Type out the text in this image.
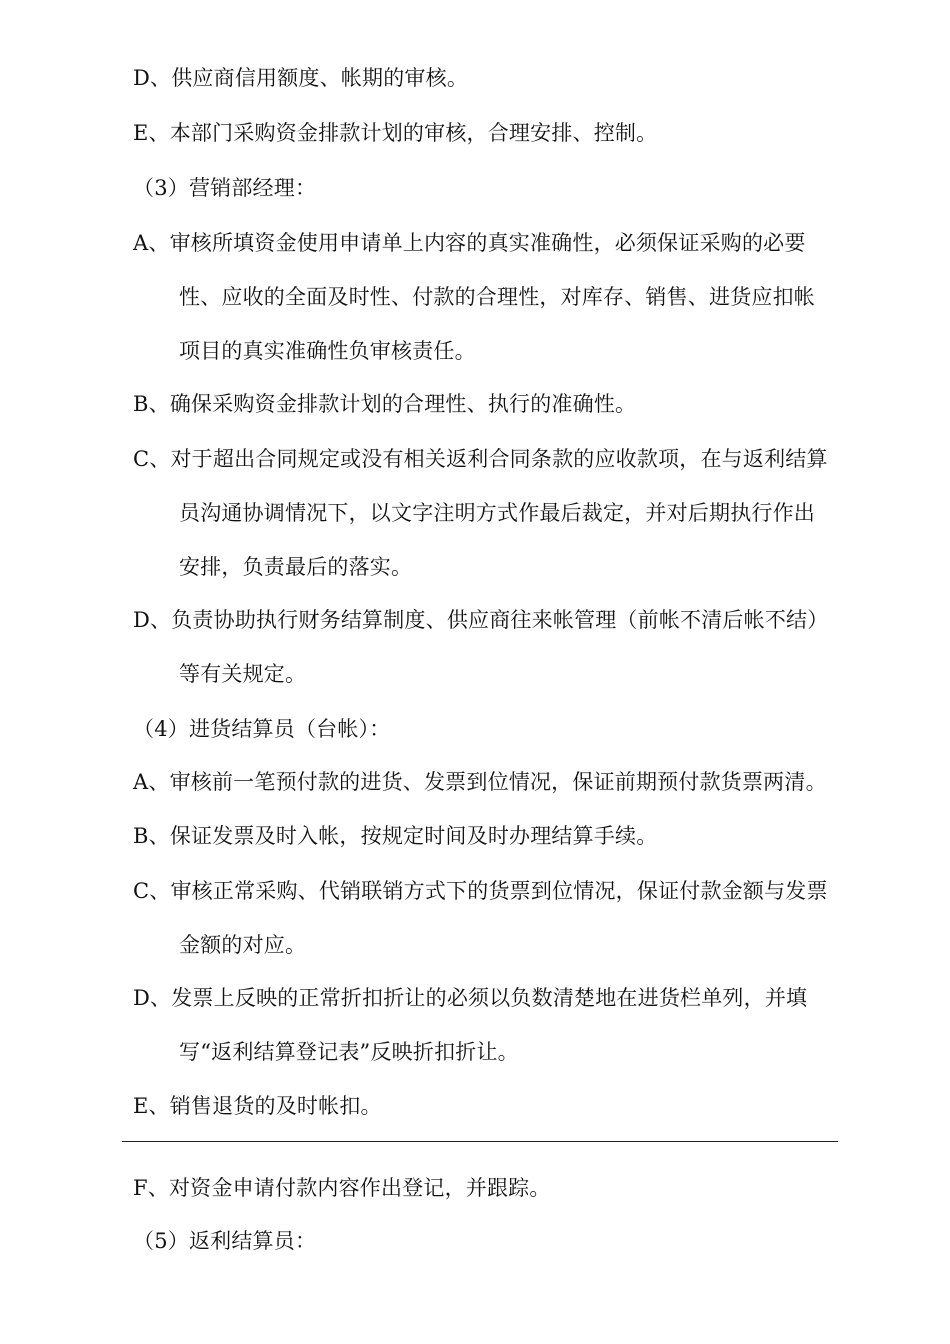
D、供应商信用额度、帐期的审核。
E、本部门采购资金排款计划的审核，合理安排、控制。
（3）营销部经理：
A、审核所填资金使用申请单上内容的真实准确性，必须保证采购的必要
性、应收的全面及时性、付款的合理性，对库存、销售、进货应扣帐
项目的真实准确性负审核责任。
B、确保采购资金排款计划的合理性、执行的准确性。
C、对于超出合同规定或没有相关返利合同条款的应收款项，在与返利结算
员沟通协调情况下，以文字注明方式作最后裁定，并对后期执行作出
安排，负责最后的落实。
D、负责协助执行财务结算制度、供应商往来帐管理（前帐不清后帐不结）
等有关规定。
（4）进货结算员（台帐）：
A、审核前一笔预付款的进货、发票到位情况，保证前期预付款货票两清。
B、保证发票及时入帐，按规定时间及时办理结算手续。
C、审核正常采购、代销联销方式下的货票到位情况，保证付款金额与发票
金额的对应。
D、发票上反映的正常折扣折让的必须以负数清楚地在进货栏单列，并填
写“返利结算登记表”反映折扣折让。
E、销售退货的及时帐扣。
F、对资金申请付款内容作出登记，并跟踪。
（5）返利结算员：
